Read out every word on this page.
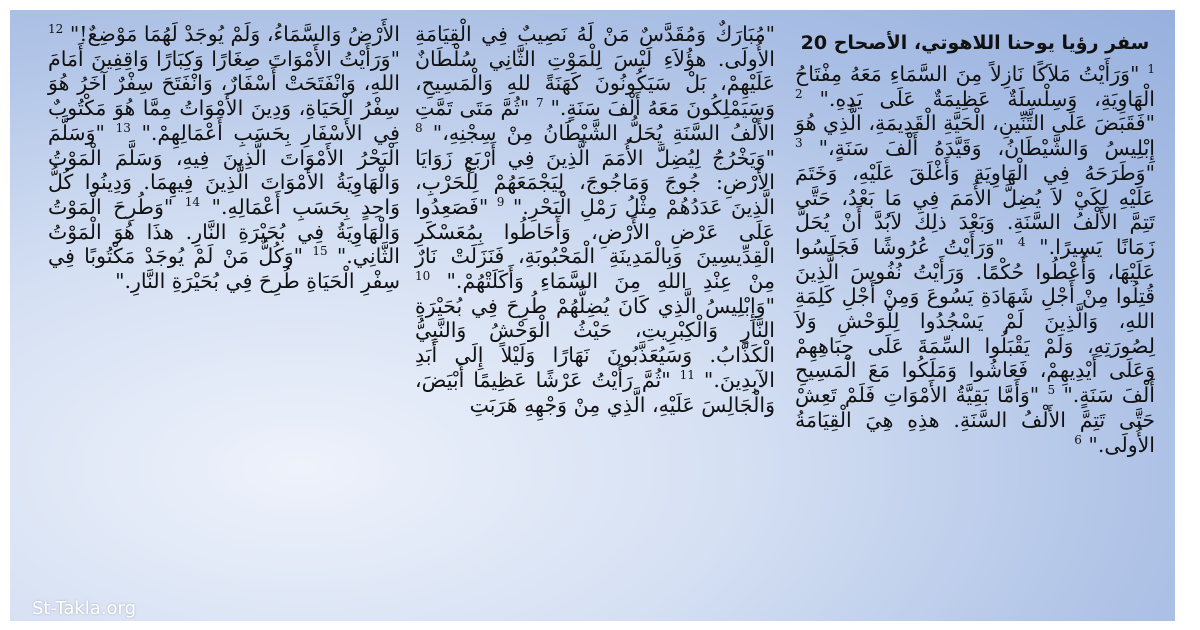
سفر رؤيا يوحنا اللاهوتي، الأصحاح 20
$^1$ "وَرَأَيْتُ مَلاَكًا نَازِلاً مِنَ السَّمَاءِ مَعَهُ مِفْتَاحُ الْهَاوِيَةِ، وَسِلْسِلَةٌ عَظِيمَةٌ عَلَى يَدِهِ." $^2$ "فَقَبَضَ عَلَى التِّنِّينِ، الْحَيَّةِ الْقَدِيمَةِ، الَّذِي هُوَ إِبْلِيسُ وَالشَّيْطَانُ، وَقَيَّدَهُ أَلْفَ سَنَةٍ،" $^3$ "وَطَرَحَهُ فِي الْهَاوِيَةِ وَأَغْلَقَ عَلَيْهِ، وَخَتَمَ عَلَيْهِ لِكَيْ لاَ يُضِلَّ الأُمَمَ فِي مَا بَعْدُ، حَتَّى تَتِمَّ الأَلْفُ السَّنَةِ. وَبَعْدَ ذلِكَ لاَبُدَّ أَنْ يُحَلَّ زَمَانًا يَسِيرًا." $^4$ "وَرَأَيْتُ عُرُوشًا فَجَلَسُوا عَلَيْهَا، وَأُعْطُوا حُكْمًا. وَرَأَيْتُ نُفُوسَ الَّذِينَ قُتِلُوا مِنْ أَجْلِ شَهَادَةِ يَسُوعَ وَمِنْ أَجْلِ كَلِمَةِ اللهِ، وَالَّذِينَ لَمْ يَسْجُدُوا لِلْوَحْشِ وَلاَ لِصُورَتِهِ، وَلَمْ يَقْبَلُوا السِّمَةَ عَلَى جِبَاهِهِمْ وَعَلَى أَيْدِيهِمْ، فَعَاشُوا وَمَلَكُوا مَعَ الْمَسِيحِ أَلْفَ سَنَةٍ." $^5$ "وَأَمَّا بَقِيَّةُ الأَمْوَاتِ فَلَمْ تَعِشْ حَتَّى تَتِمَّ الأَلْفُ السَّنَةِ. هذِهِ هِيَ الْقِيَامَةُ الأُولَى." $^6$
"مُبَارَكٌ وَمُقَدَّسٌ مَنْ لَهُ نَصِيبٌ فِي الْقِيَامَةِ الأُولَى. هؤُلاَءِ لَيْسَ لِلْمَوْتِ الثَّانِي سُلْطَانٌ عَلَيْهِمْ، بَلْ سَيَكُونُونَ كَهَنَةً للهِ وَالْمَسِيحِ، وَسَيَمْلِكُونَ مَعَهُ أَلْفَ سَنَةٍ." $^7$ "ثُمَّ مَتَى تَمَّتِ الأَلْفُ السَّنَةِ يُحَلُّ الشَّيْطَانُ مِنْ سِجْنِهِ،" $^8$ "وَيَخْرُجُ لِيُضِلَّ الأُمَمَ الَّذِينَ فِي أَرْبَعِ زَوَايَا الأَرْضِ: جُوجَ وَمَاجُوجَ، لِيَجْمَعَهُمْ لِلْحَرْبِ، الَّذِينَ عَدَدُهُمْ مِثْلُ رَمْلِ الْبَحْرِ." $^9$ "فَصَعِدُوا عَلَى عَرْضِ الأَرْضِ، وَأَحَاطُوا بِمُعَسْكَرِ الْقِدِّيسِينَ وَبِالْمَدِينَةِ الْمَحْبُوبَةِ، فَنَزَلَتْ نَارٌ مِنْ عِنْدِ اللهِ مِنَ السَّمَاءِ وَأَكَلَتْهُمْ." $^{10}$ "وَإِبْلِيسُ الَّذِي كَانَ يُضِلُّهُمْ طُرِحَ فِي بُحَيْرَةِ النَّارِ وَالْكِبْرِيتِ، حَيْثُ الْوَحْشُ وَالنَّبِيُّ الْكَذَّابُ. وَسَيُعَذَّبُونَ نَهَارًا وَلَيْلاً إِلَى أَبَدِ الآبِدِينَ." $^{11}$ "ثُمَّ رَأَيْتُ عَرْشًا عَظِيمًا أَبْيَضَ، وَالْجَالِسَ عَلَيْهِ، الَّذِي مِنْ وَجْهِهِ هَرَبَتِ
الأَرْضُ وَالسَّمَاءُ، وَلَمْ يُوجَدْ لَهُمَا مَوْضِعٌ!" $^{12}$ "وَرَأَيْتُ الأَمْوَاتَ صِغَارًا وَكِبَارًا وَاقِفِينَ أَمَامَ اللهِ، وَانْفَتَحَتْ أَسْفَارٌ، وَانْفَتَحَ سِفْرٌ آخَرُ هُوَ سِفْرُ الْحَيَاةِ، وَدِينَ الأَمْوَاتُ مِمَّا هُوَ مَكْتُوبٌ فِي الأَسْفَارِ بِحَسَبِ أَعْمَالِهِمْ." $^{13}$ "وَسَلَّمَ الْبَحْرُ الأَمْوَاتَ الَّذِينَ فِيهِ، وَسَلَّمَ الْمَوْتُ وَالْهَاوِيَةُ الأَمْوَاتَ الَّذِينَ فِيهِمَا. وَدِينُوا كُلُّ وَاحِدٍ بِحَسَبِ أَعْمَالِهِ." $^{14}$ "وَطُرِحَ الْمَوْتُ وَالْهَاوِيَةُ فِي بُحَيْرَةِ النَّارِ. هذَا هُوَ الْمَوْتُ الثَّانِي." $^{15}$ "وَكُلُّ مَنْ لَمْ يُوجَدْ مَكْتُوبًا فِي سِفْرِ الْحَيَاةِ طُرِحَ فِي بُحَيْرَةِ النَّارِ."
St-Takla.org
